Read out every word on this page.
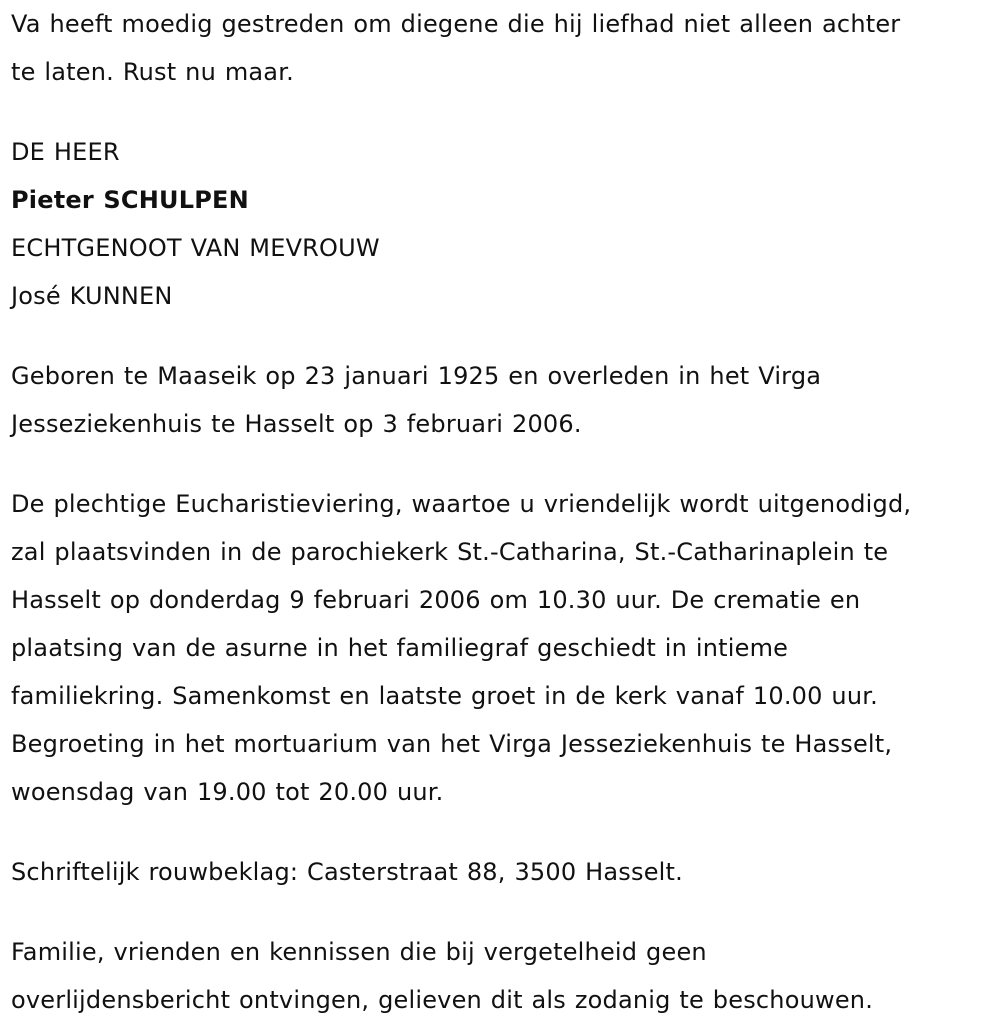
Va heeft moedig gestreden om diegene die hij liefhad niet alleen achter
te laten. Rust nu maar.

DE HEER
Pieter SCHULPEN
ECHTGENOOT VAN MEVROUW
José KUNNEN

Geboren te Maaseik op 23 januari 1925 en overleden in het Virga
Jesseziekenhuis te Hasselt op 3 februari 2006.

De plechtige Eucharistieviering, waartoe u vriendelijk wordt uitgenodigd,
zal plaatsvinden in de parochiekerk St.-Catharina, St.-Catharinaplein te
Hasselt op donderdag 9 februari 2006 om 10.30 uur. De crematie en
plaatsing van de asurne in het familiegraf geschiedt in intieme
familiekring. Samenkomst en laatste groet in de kerk vanaf 10.00 uur.
Begroeting in het mortuarium van het Virga Jesseziekenhuis te Hasselt,
woensdag van 19.00 tot 20.00 uur.

Schriftelijk rouwbeklag: Casterstraat 88, 3500 Hasselt.

Familie, vrienden en kennissen die bij vergetelheid geen
overlijdensbericht ontvingen, gelieven dit als zodanig te beschouwen.
